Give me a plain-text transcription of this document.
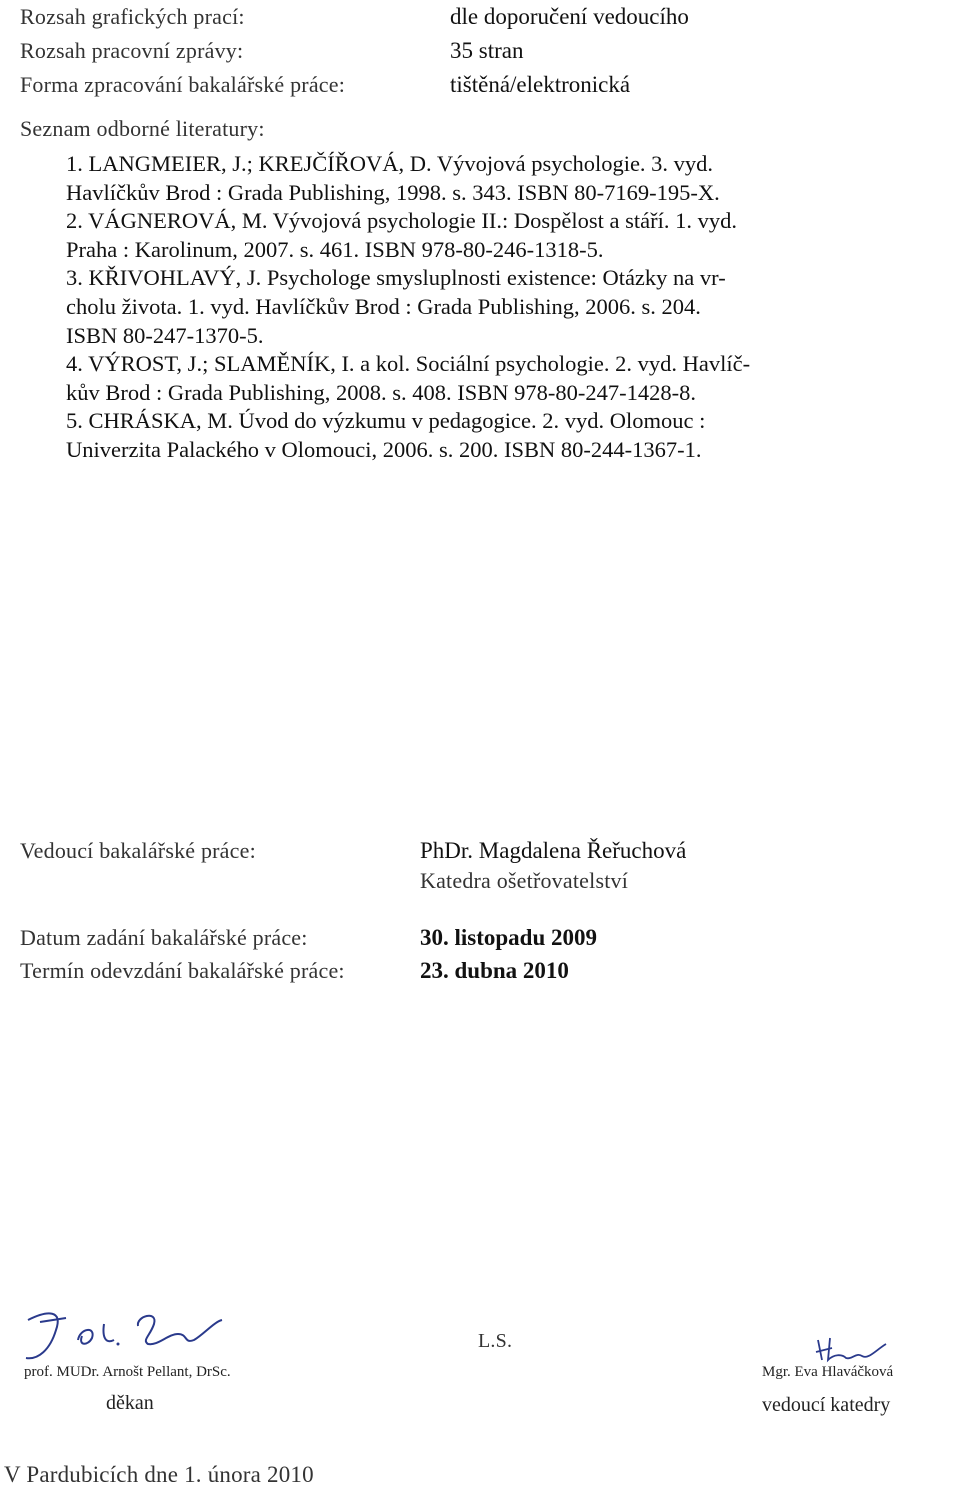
Rozsah grafických prací:	dle doporučení vedoucího
Rozsah pracovní zprávy:	35 stran
Forma zpracování bakalářské práce:	tištěná/elektronická
Seznam odborné literatury:

1. LANGMEIER, J.; KREJČÍŘOVÁ, D. Vývojová psychologie. 3. vyd.

Havlíčkův Brod : Grada Publishing, 1998. s. 343. ISBN 80-7169-195-X.

2. VÁGNEROVÁ, M. Vývojová psychologie II.: Dospělost a stáří. 1. vyd.

Praha : Karolinum, 2007. s. 461. ISBN 978-80-246-1318-5.

3. KŘIVOHLAVÝ, J. Psychologe smysluplnosti existence: Otázky na vr-

cholu života. 1. vyd. Havlíčkův Brod : Grada Publishing, 2006. s. 204.

ISBN 80-247-1370-5.

4. VÝROST, J.; SLAMĚNÍK, I. a kol. Sociální psychologie. 2. vyd. Havlíč-

kův Brod : Grada Publishing, 2008. s. 408. ISBN 978-80-247-1428-8.

5. CHRÁSKA, M. Úvod do výzkumu v pedagogice. 2. vyd. Olomouc :

Univerzita Palackého v Olomouci, 2006. s. 200. ISBN 80-244-1367-1.

Vedoucí bakalářské práce:	PhDr. Magdalena Řeřuchová
Katedra ošetřovatelství
Datum zadání bakalářské práce:	30. listopadu 2009
Termín odevzdání bakalářské práce:	23. dubna 2010
L.S.
prof. MUDr. Arnošt Pellant, DrSc.
děkan
Mgr. Eva Hlaváčková
vedoucí katedry
V Pardubicích dne 1. února 2010
